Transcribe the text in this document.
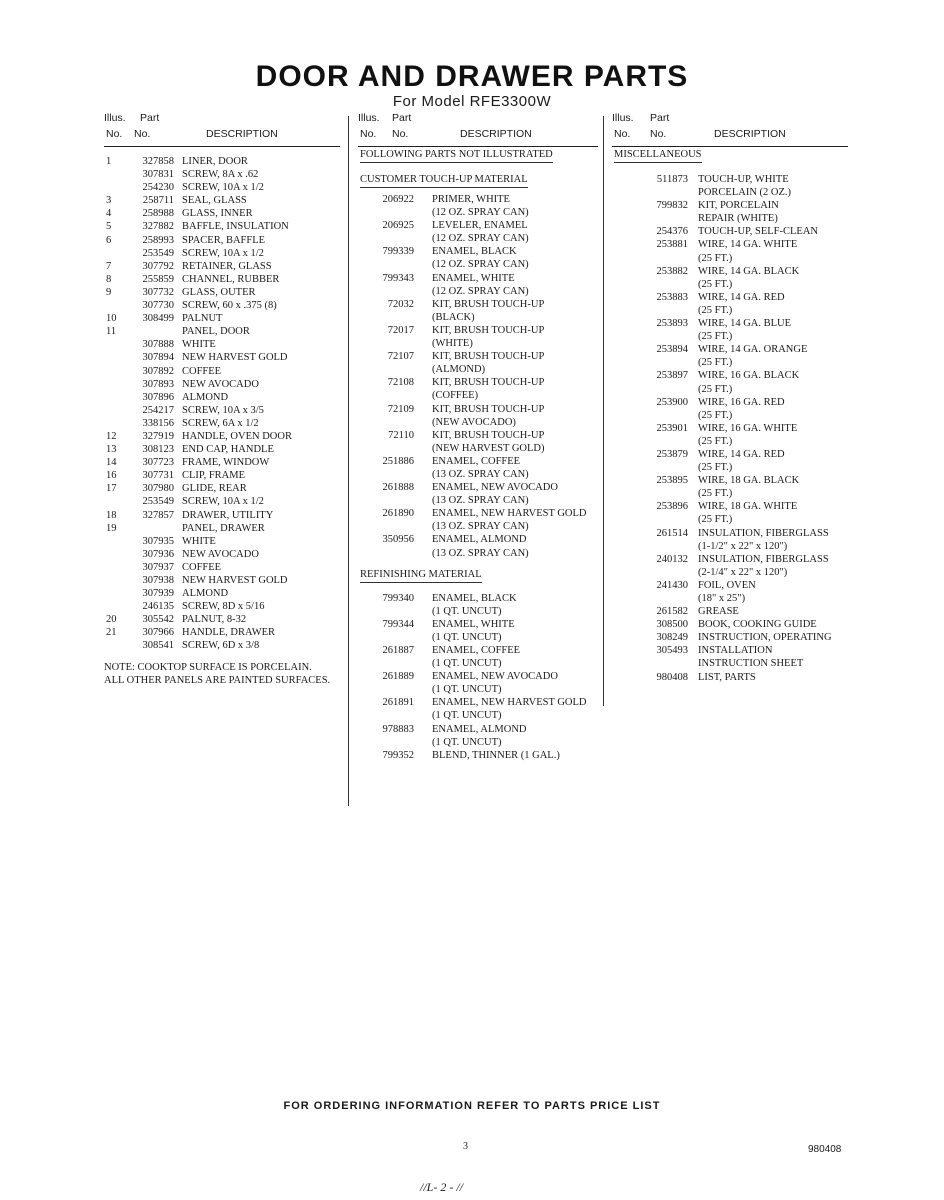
DOOR AND DRAWER PARTS
For Model RFE3300W
Illus.
No.
Part
No.	DESCRIPTION
1	327858 LINER, DOOR
307831 SCREW, 8A x .62
254230 SCREW, 10A x 1/2
3	258711 SEAL, GLASS
4	258988 GLASS, INNER
5	327882 BAFFLE, INSULATION
6	258993 SPACER, BAFFLE
253549 SCREW, 10A x 1/2
7	307792 RETAINER, GLASS
8	255859 CHANNEL, RUBBER
9	307732 GLASS, OUTER
307730 SCREW, 60 x .375 (8)
10	308499 PALNUT
11	PANEL, DOOR
307888 WHITE
307894 NEW HARVEST GOLD
307892 COFFEE
307893 NEW AVOCADO
307896 ALMOND
254217 SCREW, 10A x 3/5
338156 SCREW, 6A x 1/2
12	327919 HANDLE, OVEN DOOR
13	308123 END CAP, HANDLE
14	307723 FRAME, WINDOW
16	307731 CLIP, FRAME
17	307980 GLIDE, REAR
253549 SCREW, 10A x 1/2
18	327857 DRAWER, UTILITY
19	PANEL, DRAWER
307935 WHITE
307936 NEW AVOCADO
307937 COFFEE
307938 NEW HARVEST GOLD
307939 ALMOND
246135 SCREW, 8D x 5/16
20	305542 PALNUT, 8-32
21	307966 HANDLE, DRAWER
308541 SCREW, 6D x 3/8
NOTE: COOKTOP SURFACE IS PORCELAIN.
ALL OTHER PANELS ARE PAINTED SURFACES.
Illus.
No.
Part
No.	DESCRIPTION
FOLLOWING PARTS NOT ILLUSTRATED
CUSTOMER TOUCH-UP MATERIAL
206922 PRIMER, WHITE
(12 OZ. SPRAY CAN)
206925 LEVELER, ENAMEL
(12 OZ. SPRAY CAN)
799339 ENAMEL, BLACK
(12 OZ. SPRAY CAN)
799343 ENAMEL, WHITE
(12 OZ. SPRAY CAN)
72032 KIT, BRUSH TOUCH-UP
(BLACK)
72017 KIT, BRUSH TOUCH-UP
(WHITE)
72107 KIT, BRUSH TOUCH-UP
(ALMOND)
72108 KIT, BRUSH TOUCH-UP
(COFFEE)
72109 KIT, BRUSH TOUCH-UP
(NEW AVOCADO)
72110 KIT, BRUSH TOUCH-UP
(NEW HARVEST GOLD)
251886 ENAMEL, COFFEE
(13 OZ. SPRAY CAN)
261888 ENAMEL, NEW AVOCADO
(13 OZ. SPRAY CAN)
261890 ENAMEL, NEW HARVEST GOLD
(13 OZ. SPRAY CAN)
350956 ENAMEL, ALMOND
(13 OZ. SPRAY CAN)
REFINISHING MATERIAL
799340 ENAMEL, BLACK
(1 QT. UNCUT)
799344 ENAMEL, WHITE
(1 QT. UNCUT)
261887 ENAMEL, COFFEE
(1 QT. UNCUT)
261889 ENAMEL, NEW AVOCADO
(1 QT. UNCUT)
261891 ENAMEL, NEW HARVEST GOLD
(1 QT. UNCUT)
978883 ENAMEL, ALMOND
(1 QT. UNCUT)
799352 BLEND, THINNER (1 GAL.)
Illus.
No.
Part
No.	DESCRIPTION
MISCELLANEOUS
511873 TOUCH-UP, WHITE
PORCELAIN (2 OZ.)
799832 KIT, PORCELAIN
REPAIR (WHITE)
254376 TOUCH-UP, SELF-CLEAN
253881 WIRE, 14 GA. WHITE
(25 FT.)
253882 WIRE, 14 GA. BLACK
(25 FT.)
253883 WIRE, 14 GA. RED
(25 FT.)
253893 WIRE, 14 GA. BLUE
(25 FT.)
253894 WIRE, 14 GA. ORANGE
(25 FT.)
253897 WIRE, 16 GA. BLACK
(25 FT.)
253900 WIRE, 16 GA. RED
(25 FT.)
253901 WIRE, 16 GA. WHITE
(25 FT.)
253879 WIRE, 14 GA. RED
(25 FT.)
253895 WIRE, 18 GA. BLACK
(25 FT.)
253896 WIRE, 18 GA. WHITE
(25 FT.)
261514 INSULATION, FIBERGLASS
(1-1/2" x 22" x 120")
240132 INSULATION, FIBERGLASS
(2-1/4" x 22" x 120")
241430 FOIL, OVEN
(18" x 25")
261582 GREASE
308500 BOOK, COOKING GUIDE
308249 INSTRUCTION, OPERATING
305493 INSTALLATION
INSTRUCTION SHEET
980408 LIST, PARTS
FOR ORDERING INFORMATION REFER TO PARTS PRICE LIST
3	980408
//L- 2 - //
